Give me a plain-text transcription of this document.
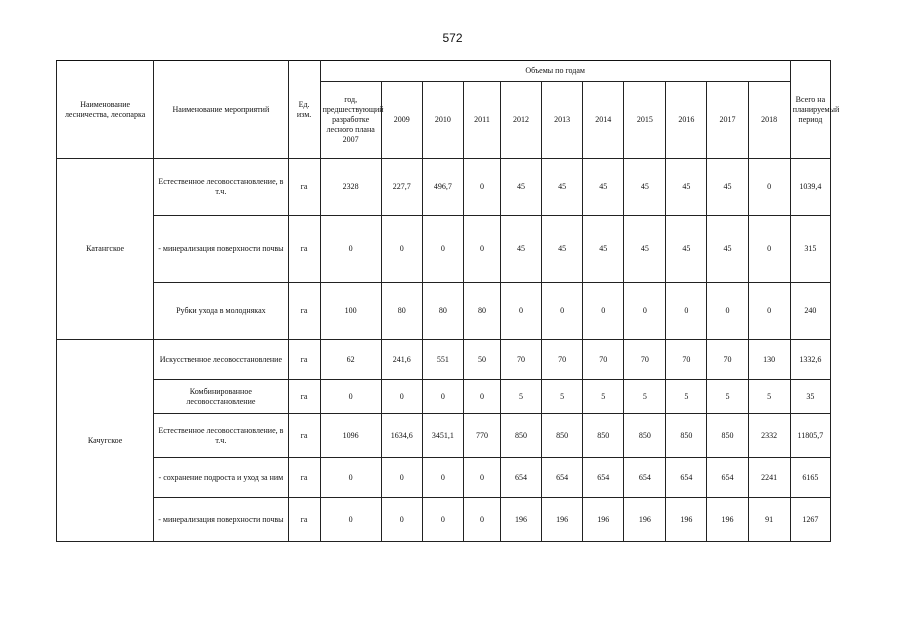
572
Наименование лесничества, лесопарка	Наименование мероприятий	Ед. изм.	Объемы по годам											Всего на планируемый период
			год, предшествующий разработке лесного плана 2007	2009	2010	2011	2012	2013	2014	2015	2016	2017	2018	
Катангское	Естественное лесовосстановление, в т.ч.	га	2328	227,7	496,7	0	45	45	45	45	45	45	0	1039,4
	- минерализация поверхности почвы	га	0	0	0	0	45	45	45	45	45	45	0	315
	Рубки ухода в молодняках	га	100	80	80	80	0	0	0	0	0	0	0	240
Качугское	Искусственное лесовосстановление	га	62	241,6	551	50	70	70	70	70	70	70	130	1332,6
	Комбинированное лесовосстановление	га	0	0	0	0	5	5	5	5	5	5	5	35
	Естественное лесовосстановление, в т.ч.	га	1096	1634,6	3451,1	770	850	850	850	850	850	850	2332	11805,7
	- сохранение подроста и уход за ним	га	0	0	0	0	654	654	654	654	654	654	2241	6165
	- минерализация поверхности почвы	га	0	0	0	0	196	196	196	196	196	196	91	1267
